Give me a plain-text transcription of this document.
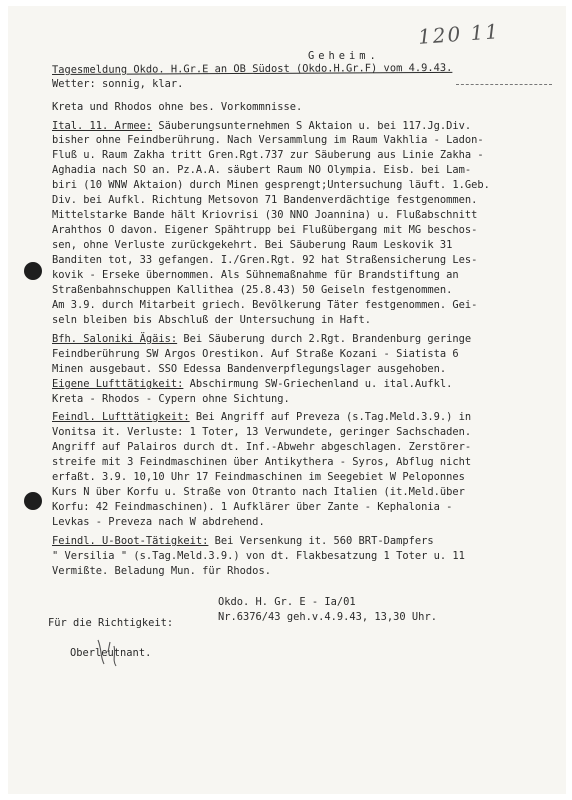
120 11
Geheim.
Tagesmeldung Okdo. H.Gr.E an OB Südost (Okdo.H.Gr.F) vom 4.9.43.
Wetter: sonnig, klar.
Kreta und Rhodos ohne bes. Vorkommnisse.
Ital. 11. Armee: Säuberungsunternehmen S Aktaion u. bei 117.Jg.Div.
bisher ohne Feindberührung. Nach Versammlung im Raum Vakhlia - Ladon-
Fluß u. Raum Zakha tritt Gren.Rgt.737 zur Säuberung aus Linie Zakha -
Aghadia nach SO an. Pz.A.A. säubert Raum NO Olympia. Eisb. bei Lam-
biri (10 WNW Aktaion) durch Minen gesprengt;Untersuchung läuft. 1.Geb.
Div. bei Aufkl. Richtung Metsovon 71 Bandenverdächtige festgenommen.
Mittelstarke Bande hält Kriovrisi (30 NNO Joannina) u. Flußabschnitt
Arahthos O davon. Eigener Spähtrupp bei Flußübergang mit MG beschos-
sen, ohne Verluste zurückgekehrt. Bei Säuberung Raum Leskovik 31
Banditen tot, 33 gefangen. I./Gren.Rgt. 92 hat Straßensicherung Les-
kovik - Erseke übernommen. Als Sühnemaßnahme für Brandstiftung an
Straßenbahnschuppen Kallithea (25.8.43) 50 Geiseln festgenommen.
Am 3.9. durch Mitarbeit griech. Bevölkerung Täter festgenommen. Gei-
seln bleiben bis Abschluß der Untersuchung in Haft.
Bfh. Saloniki Ägäis: Bei Säuberung durch 2.Rgt. Brandenburg geringe
Feindberührung SW Argos Orestikon. Auf Straße Kozani - Siatista 6
Minen ausgebaut. SSO Edessa Bandenverpflegungslager ausgehoben.
Eigene Lufttätigkeit: Abschirmung SW-Griechenland u. ital.Aufkl.
Kreta - Rhodos - Cypern ohne Sichtung.
Feindl. Lufttätigkeit: Bei Angriff auf Preveza (s.Tag.Meld.3.9.) in
Vonitsa it. Verluste: 1 Toter, 13 Verwundete, geringer Sachschaden.
Angriff auf Palairos durch dt. Inf.-Abwehr abgeschlagen. Zerstörer-
streife mit 3 Feindmaschinen über Antikythera - Syros, Abflug nicht
erfaßt. 3.9. 10,10 Uhr 17 Feindmaschinen im Seegebiet W Peloponnes
Kurs N über Korfu u. Straße von Otranto nach Italien (it.Meld.über
Korfu: 42 Feindmaschinen). 1 Aufklärer über Zante - Kephalonia -
Levkas - Preveza nach W abdrehend.
Feindl. U-Boot-Tätigkeit: Bei Versenkung it. 560 BRT-Dampfers
" Versilia " (s.Tag.Meld.3.9.) von dt. Flakbesatzung 1 Toter u. 11
Vermißte. Beladung Mun. für Rhodos.
Okdo. H. Gr. E - Ia/01
Nr.6376/43 geh.v.4.9.43, 13,30 Uhr.
Für die Richtigkeit:
Oberleutnant.
